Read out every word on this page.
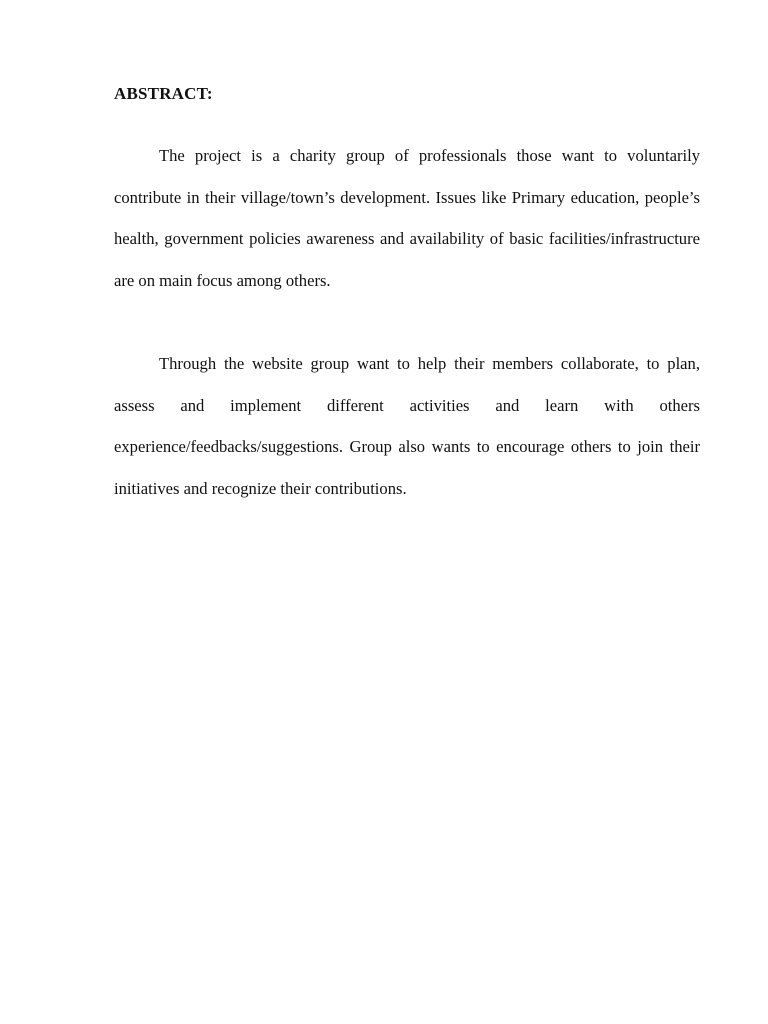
ABSTRACT:

The project is a charity group of professionals those want to voluntarily contribute in their village/town’s development. Issues like Primary education, people’s health, government policies awareness and availability of basic facilities/infrastructure are on main focus among others.

Through the website group want to help their members collaborate, to plan, assess and implement different activities and learn with others experience/feedbacks/suggestions. Group also wants to encourage others to join their initiatives and recognize their contributions.
